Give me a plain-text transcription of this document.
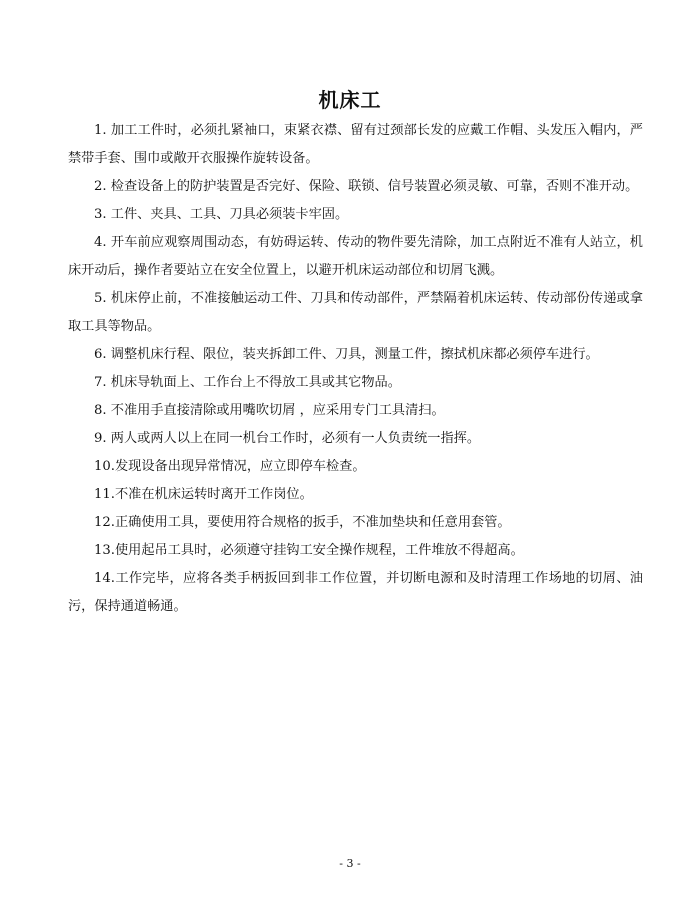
机床工
1. 加工工件时，必须扎紧袖口，束紧衣襟、留有过颈部长发的应戴工作帽、头发压入帽内，严禁带手套、围巾或敞开衣服操作旋转设备。
2. 检查设备上的防护装置是否完好、保险、联锁、信号装置必须灵敏、可靠，否则不准开动。
3. 工件、夹具、工具、刀具必须装卡牢固。
4. 开车前应观察周围动态，有妨碍运转、传动的物件要先清除，加工点附近不准有人站立，机床开动后，操作者要站立在安全位置上，以避开机床运动部位和切屑飞溅。
5. 机床停止前，不准接触运动工件、刀具和传动部件，严禁隔着机床运转、传动部份传递或拿取工具等物品。
6. 调整机床行程、限位，装夹拆卸工件、刀具，测量工件，擦拭机床都必须停车进行。
7. 机床导轨面上、工作台上不得放工具或其它物品。
8. 不准用手直接清除或用嘴吹切屑 ，应采用专门工具清扫。
9. 两人或两人以上在同一机台工作时，必须有一人负责统一指挥。
10.发现设备出现异常情况，应立即停车检查。
11.不准在机床运转时离开工作岗位。
12.正确使用工具，要使用符合规格的扳手，不准加垫块和任意用套管。
13.使用起吊工具时，必须遵守挂钩工安全操作规程，工件堆放不得超高。
14.工作完毕，应将各类手柄扳回到非工作位置，并切断电源和及时清理工作场地的切屑、油污，保持通道畅通。
- 3 -
